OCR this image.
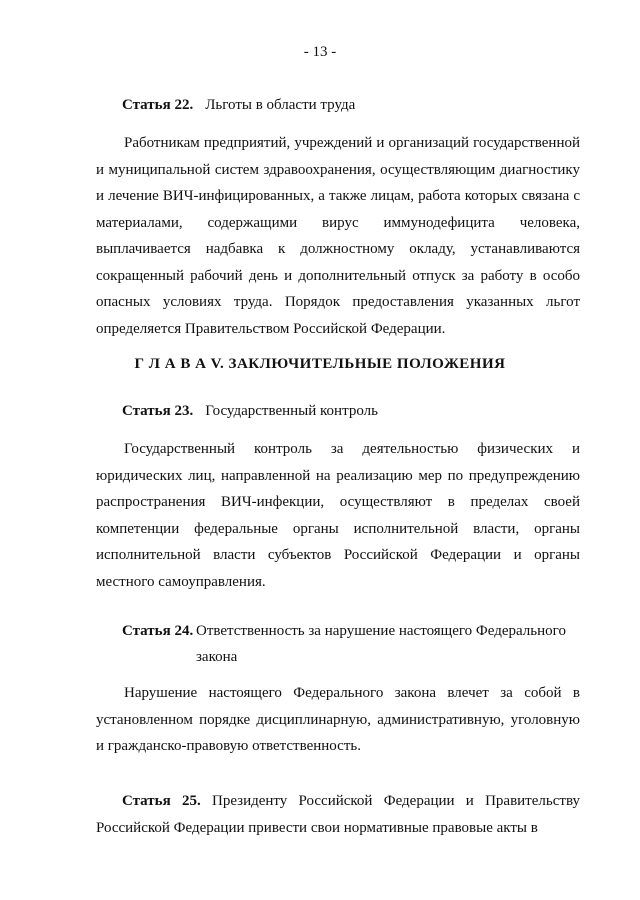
- 13 -
Статья 22. Льготы в области труда

Работникам предприятий, учреждений и организаций государственной и муниципальной систем здравоохранения, осуществляющим диагностику и лечение ВИЧ-инфицированных, а также лицам, работа которых связана с материалами, содержащими вирус иммунодефицита человека, выплачивается надбавка к должностному окладу, устанавливаются сокращенный рабочий день и дополнительный отпуск за работу в особо опасных условиях труда. Порядок предоставления указанных льгот определяется Правительством Российской Федерации.

Г Л А В А V. ЗАКЛЮЧИТЕЛЬНЫЕ ПОЛОЖЕНИЯ
Статья 23. Государственный контроль

Государственный контроль за деятельностью физических и юридических лиц, направленной на реализацию мер по предупреждению распространения ВИЧ-инфекции, осуществляют в пределах своей компетенции федеральные органы исполнительной власти, органы исполнительной власти субъектов Российской Федерации и органы местного самоуправления.

Статья 24. Ответственность за нарушение настоящего Федерального закона

Нарушение настоящего Федерального закона влечет за собой в установленном порядке дисциплинарную, административную, уголовную и гражданско-правовую ответственность.

Статья 25. Президенту Российской Федерации и Правительству Российской Федерации привести свои нормативные правовые акты в
